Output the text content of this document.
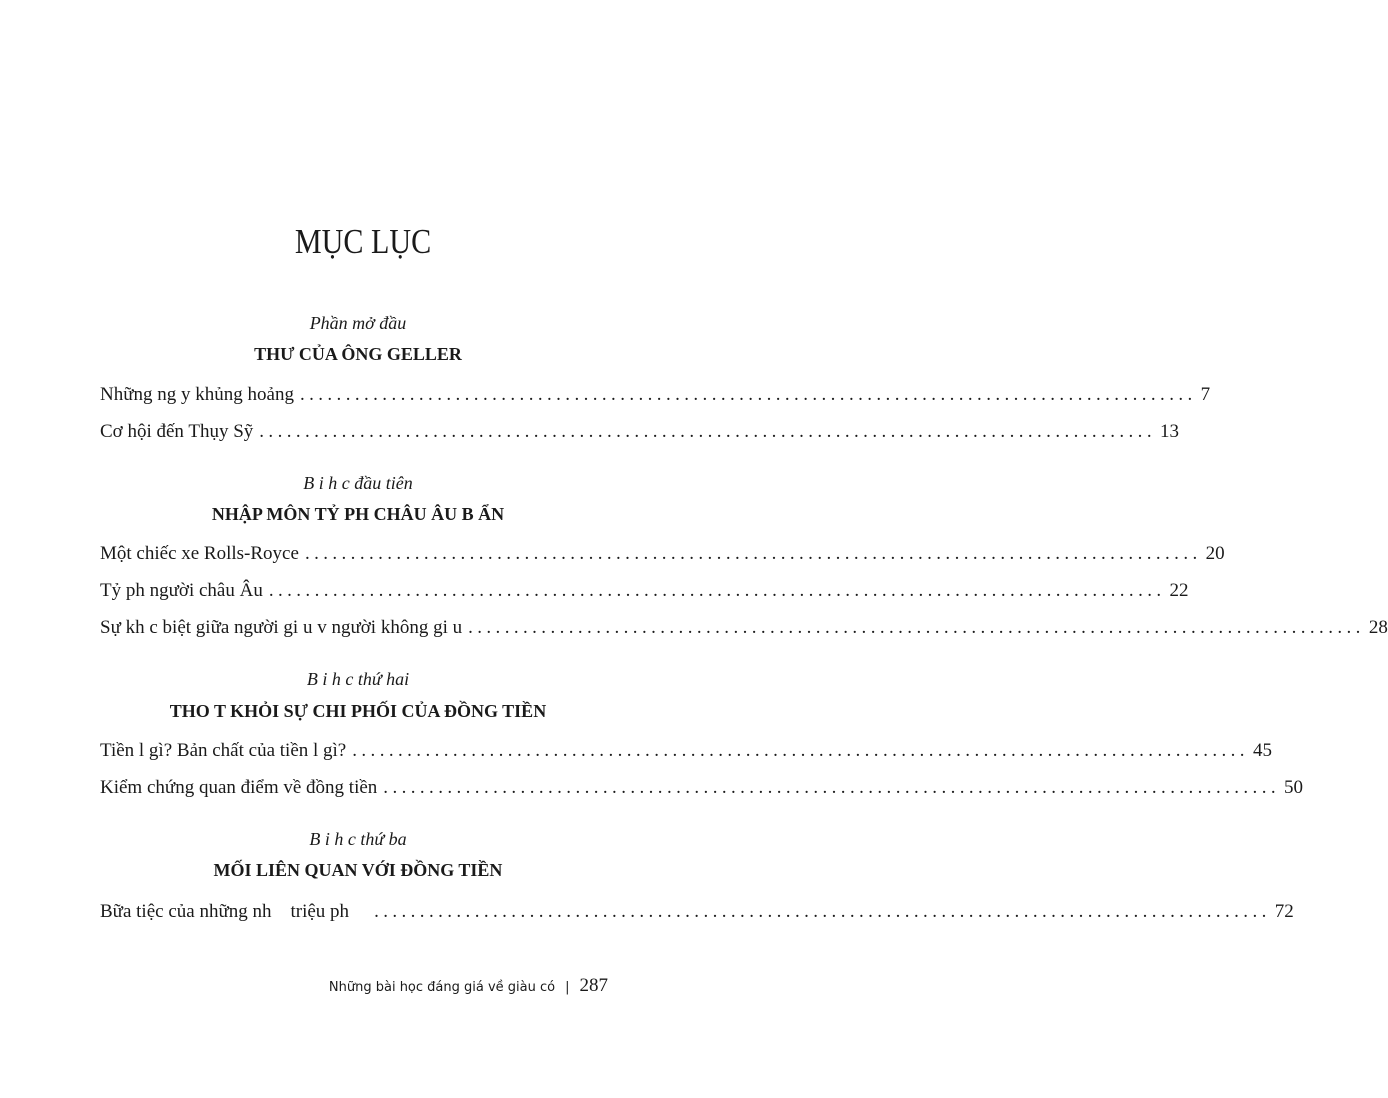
MỤC LỤC
Phần mở đầu
THƯ CỦA ÔNG GELLER
Những ng y khủng hoảng .................................................................................................. 7
Cơ hội đến Thụy Sỹ .................................................................................................. 13
B i h c đầu tiên
NHẬP MÔN TỶ PH CHÂU ÂU B ẨN
Một chiếc xe Rolls-Royce .................................................................................................. 20
Tỷ ph người châu Âu .................................................................................................. 22
Sự kh c biệt giữa người gi u v người không gi u .................................................................................................. 28
B i h c thứ hai
THO T KHỎI SỰ CHI PHỐI CỦA ĐỒNG TIỀN
Tiền l gì? Bản chất của tiền l gì? .................................................................................................. 45
Kiểm chứng quan điểm về đồng tiền .................................................................................................. 50
B i h c thứ ba
MỐI LIÊN QUAN VỚI ĐỒNG TIỀN
Bữa tiệc của những nh    triệu ph .................................................................................................. 72
Những bài học đáng giá về giàu có | 287
